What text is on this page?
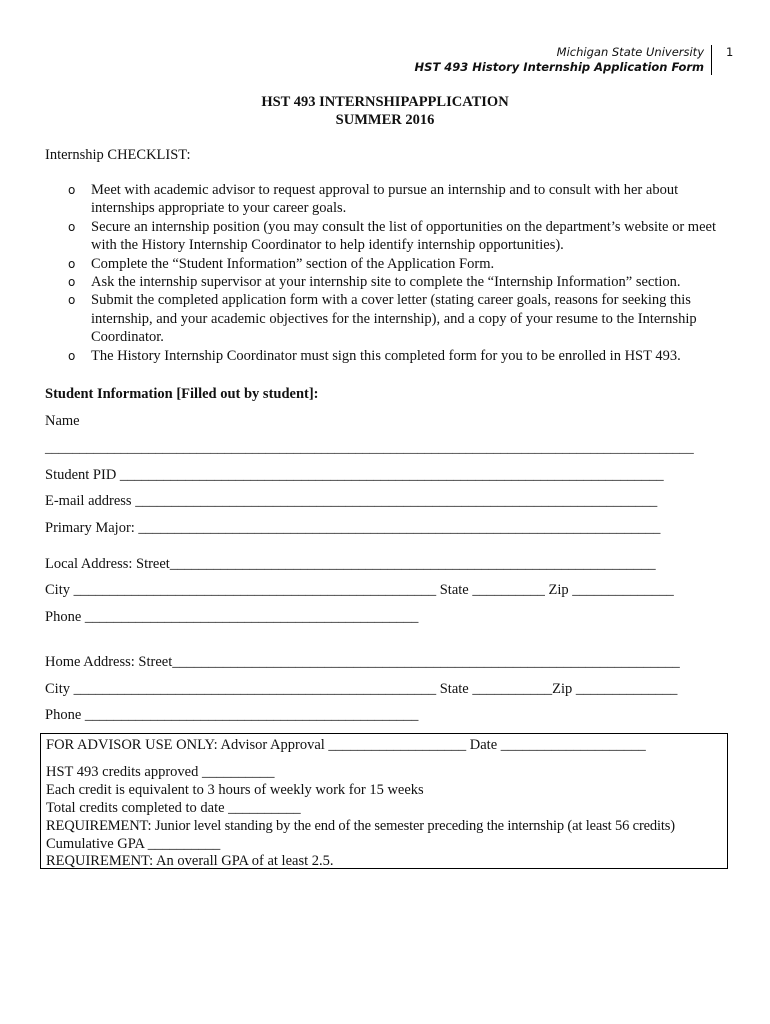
Michigan State University
HST 493 History Internship Application Form
1
HST 493 INTERNSHIPAPPLICATION
SUMMER 2016
Internship CHECKLIST:
o Meet with academic advisor to request approval to pursue an internship and to consult with her about internships appropriate to your career goals.
o Secure an internship position (you may consult the list of opportunities on the department’s website or meet with the History Internship Coordinator to help identify internship opportunities).
o Complete the “Student Information” section of the Application Form.
o Ask the internship supervisor at your internship site to complete the “Internship Information” section.
o Submit the completed application form with a cover letter (stating career goals, reasons for seeking this internship, and your academic objectives for the internship), and a copy of your resume to the Internship Coordinator.
o The History Internship Coordinator must sign this completed form for you to be enrolled in HST 493.
Student Information [Filled out by student]:
Name
______________________________________________________________________________________________
Student PID ___________________________________________________________________________
E-mail address ________________________________________________________________________
Primary Major: ________________________________________________________________________
Local Address: Street___________________________________________________________________
City __________________________________________________ State __________ Zip ______________
Phone ______________________________________________
Home Address: Street______________________________________________________________________
City __________________________________________________ State ___________Zip ______________
Phone ______________________________________________
FOR ADVISOR USE ONLY: Advisor Approval ___________________ Date ____________________
HST 493 credits approved __________
Each credit is equivalent to 3 hours of weekly work for 15 weeks
Total credits completed to date __________
REQUIREMENT: Junior level standing by the end of the semester preceding the internship (at least 56 credits)
Cumulative GPA __________
REQUIREMENT: An overall GPA of at least 2.5.
